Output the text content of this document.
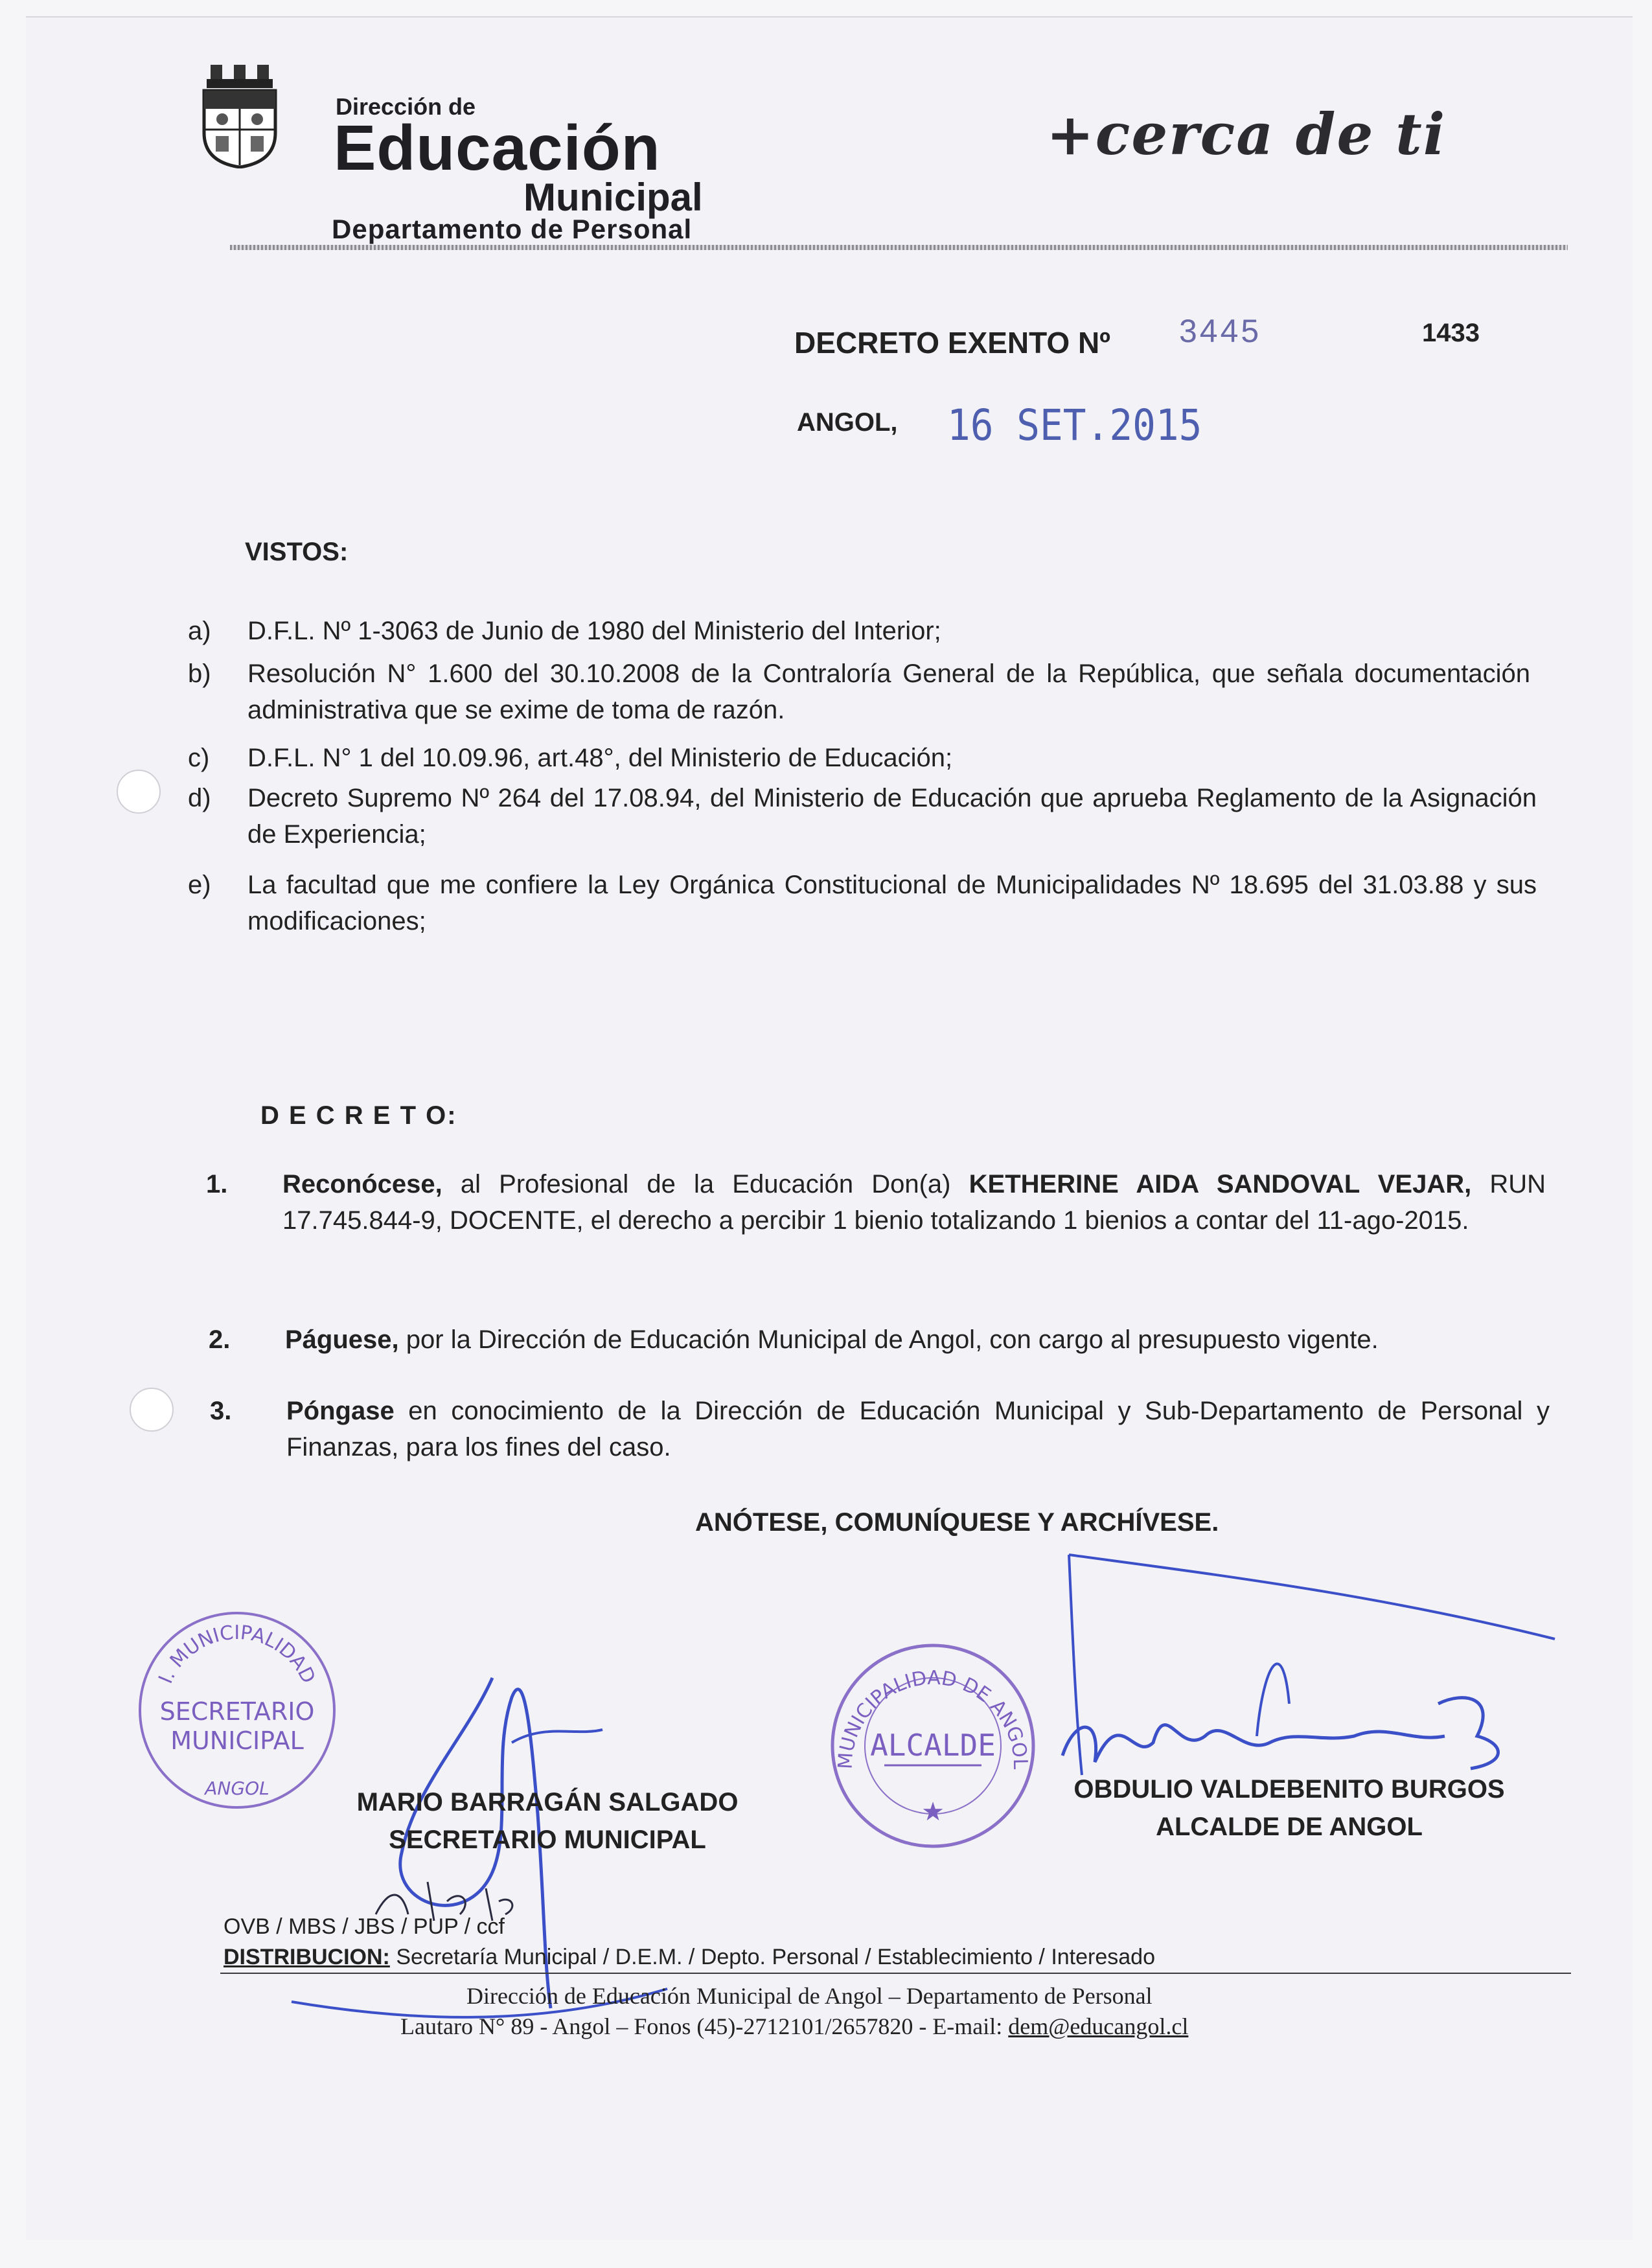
Dirección de
Educación
Municipal
Departamento de Personal
+cerca de ti
DECRETO EXENTO Nº 3445	1433
ANGOL, 16 SET.2015
VISTOS:
a) D.F.L. Nº 1-3063 de Junio de 1980 del Ministerio del Interior;
b) Resolución N° 1.600 del 30.10.2008 de la Contraloría General de la República, que señala documentación administrativa que se exime de toma de razón.
c) D.F.L. N° 1 del 10.09.96, art.48°, del Ministerio de Educación;
d) Decreto Supremo Nº 264 del 17.08.94, del Ministerio de Educación que aprueba Reglamento de la Asignación de Experiencia;
e) La facultad que me confiere la Ley Orgánica Constitucional de Municipalidades Nº 18.695 del 31.03.88 y sus modificaciones;
D E C R E T O:
1. Reconócese, al Profesional de la Educación Don(a) KETHERINE AIDA SANDOVAL VEJAR, RUN 17.745.844-9, DOCENTE, el derecho a percibir 1 bienio totalizando 1 bienios a contar del 11-ago-2015.
2. Páguese, por la Dirección de Educación Municipal de Angol, con cargo al presupuesto vigente.
3. Póngase en conocimiento de la Dirección de Educación Municipal y Sub-Departamento de Personal y Finanzas, para los fines del caso.
ANÓTESE, COMUNÍQUESE Y ARCHÍVESE.
I. MUNICIPALIDAD
SECRETARIO
MUNICIPAL
ANGOL
MUNICIPALIDAD DE ANGOL
ALCALDE
★
MARIO BARRAGÁN SALGADO
SECRETARIO MUNICIPAL
OBDULIO VALDEBENITO BURGOS
ALCALDE DE ANGOL
OVB / MBS / JBS / PUP / ccf
DISTRIBUCION: Secretaría Municipal / D.E.M. / Depto. Personal / Establecimiento / Interesado
Dirección de Educación Municipal de Angol – Departamento de Personal
Lautaro N° 89 - Angol – Fonos (45)-2712101/2657820 - E-mail: dem@educangol.cl
